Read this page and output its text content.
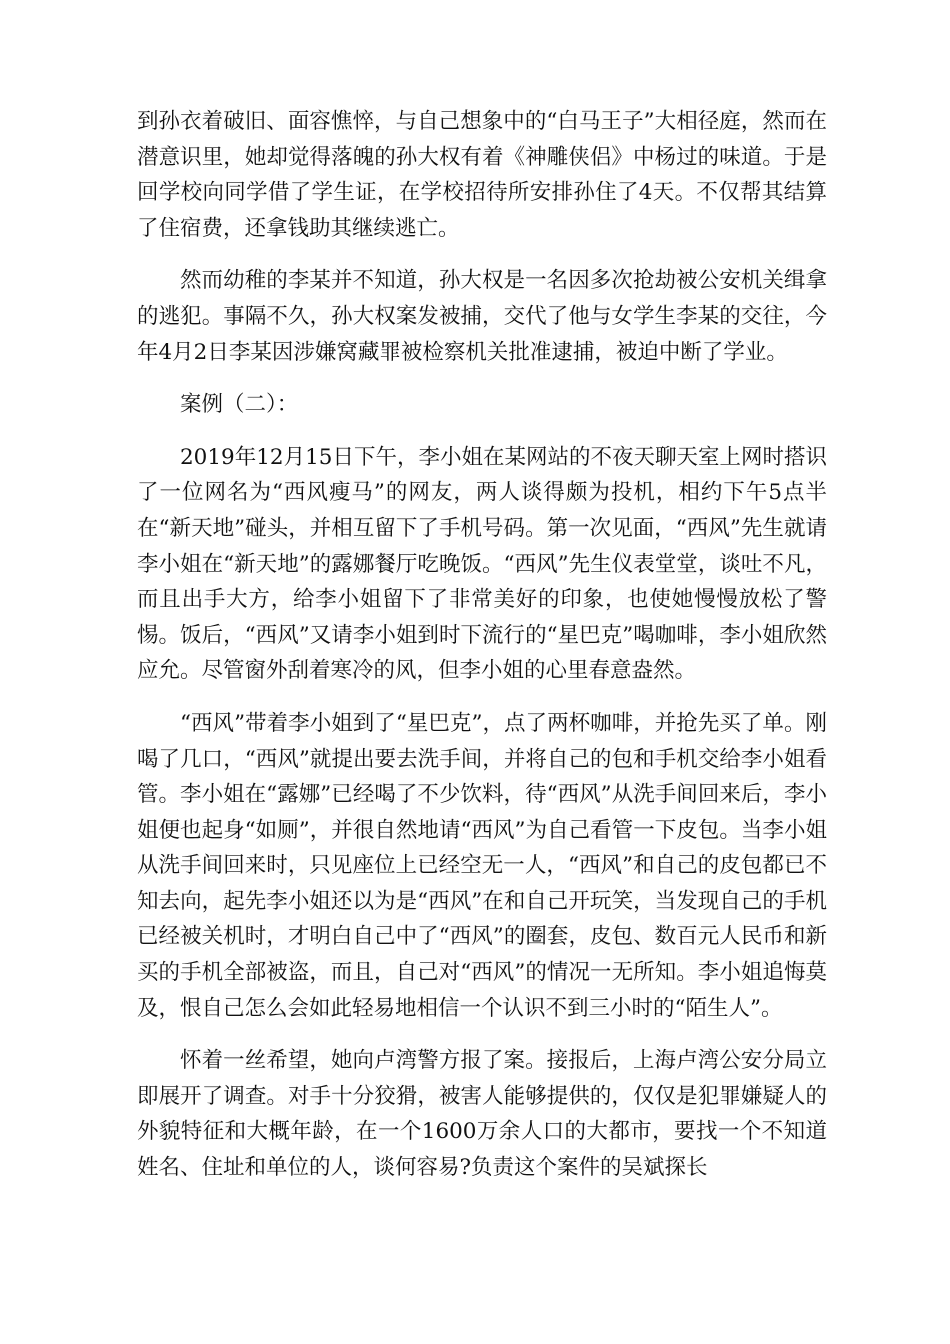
到孙衣着破旧、面容憔悴，与自己想象中的“白马王子”大相径庭，然而在潜意识里，她却觉得落魄的孙大权有着《神雕侠侣》中杨过的味道。于是回学校向同学借了学生证，在学校招待所安排孙住了4天。不仅帮其结算了住宿费，还拿钱助其继续逃亡。

然而幼稚的李某并不知道，孙大权是一名因多次抢劫被公安机关缉拿的逃犯。事隔不久，孙大权案发被捕，交代了他与女学生李某的交往，今年4月2日李某因涉嫌窝藏罪被检察机关批准逮捕，被迫中断了学业。

案例（二）：

2019年12月15日下午，李小姐在某网站的不夜天聊天室上网时搭识了一位网名为“西风瘦马”的网友，两人谈得颇为投机，相约下午5点半在“新天地”碰头，并相互留下了手机号码。第一次见面，“西风”先生就请李小姐在“新天地”的露娜餐厅吃晚饭。“西风”先生仪表堂堂，谈吐不凡，而且出手大方，给李小姐留下了非常美好的印象，也使她慢慢放松了警惕。饭后，“西风”又请李小姐到时下流行的“星巴克”喝咖啡，李小姐欣然应允。尽管窗外刮着寒冷的风，但李小姐的心里春意盎然。

“西风”带着李小姐到了“星巴克”，点了两杯咖啡，并抢先买了单。刚喝了几口，“西风”就提出要去洗手间，并将自己的包和手机交给李小姐看管。李小姐在“露娜”已经喝了不少饮料，待“西风”从洗手间回来后，李小姐便也起身“如厕”，并很自然地请“西风”为自己看管一下皮包。当李小姐从洗手间回来时，只见座位上已经空无一人，“西风”和自己的皮包都已不知去向，起先李小姐还以为是“西风”在和自己开玩笑，当发现自己的手机已经被关机时，才明白自己中了“西风”的圈套，皮包、数百元人民币和新买的手机全部被盗，而且，自己对“西风”的情况一无所知。李小姐追悔莫及，恨自己怎么会如此轻易地相信一个认识不到三小时的“陌生人”。

怀着一丝希望，她向卢湾警方报了案。接报后，上海卢湾公安分局立即展开了调查。对手十分狡猾，被害人能够提供的，仅仅是犯罪嫌疑人的外貌特征和大概年龄，在一个1600万余人口的大都市，要找一个不知道姓名、住址和单位的人，谈何容易?负责这个案件的吴斌探长
